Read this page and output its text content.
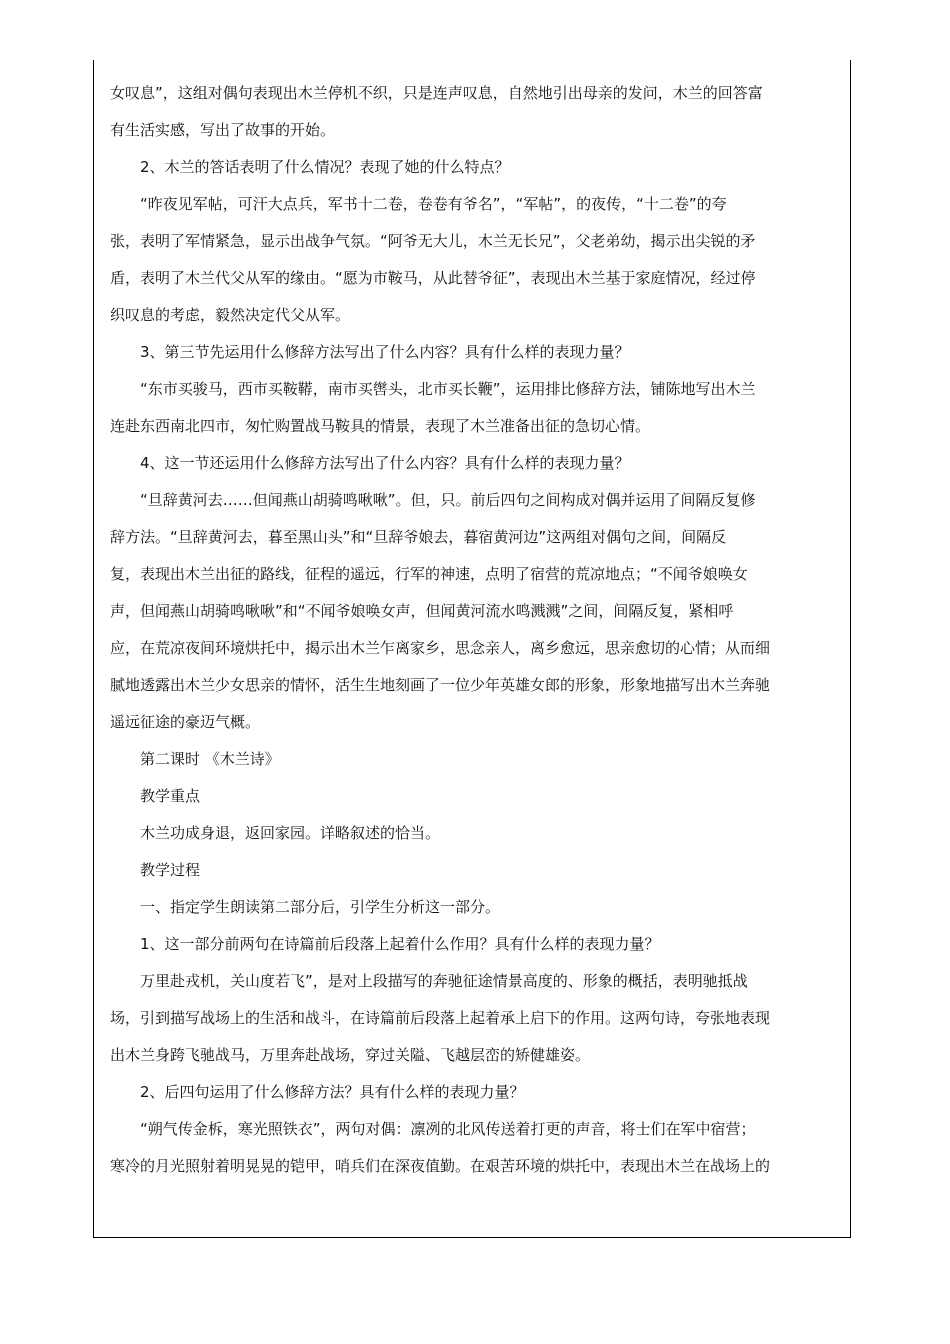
女叹息”，这组对偶句表现出木兰停机不织，只是连声叹息，自然地引出母亲的发问，木兰的回答富
有生活实感，写出了故事的开始。
2、木兰的答话表明了什么情况？表现了她的什么特点？
“昨夜见军帖，可汗大点兵，军书十二卷，卷卷有爷名”，“军帖”，的夜传，“十二卷”的夸
张，表明了军情紧急，显示出战争气氛。“阿爷无大儿，木兰无长兄”，父老弟幼，揭示出尖锐的矛
盾，表明了木兰代父从军的缘由。“愿为市鞍马，从此替爷征”，表现出木兰基于家庭情况，经过停
织叹息的考虑，毅然决定代父从军。
3、第三节先运用什么修辞方法写出了什么内容？具有什么样的表现力量？
“东市买骏马，西市买鞍鞯，南市买辔头，北市买长鞭”，运用排比修辞方法，铺陈地写出木兰
连赴东西南北四市，匆忙购置战马鞍具的情景，表现了木兰准备出征的急切心情。
4、这一节还运用什么修辞方法写出了什么内容？具有什么样的表现力量？
“旦辞黄河去……但闻燕山胡骑鸣啾啾”。但，只。前后四句之间构成对偶并运用了间隔反复修
辞方法。“旦辞黄河去，暮至黑山头”和“旦辞爷娘去，暮宿黄河边”这两组对偶句之间，间隔反
复，表现出木兰出征的路线，征程的遥远，行军的神速，点明了宿营的荒凉地点；“不闻爷娘唤女
声，但闻燕山胡骑鸣啾啾”和“不闻爷娘唤女声，但闻黄河流水鸣溅溅”之间，间隔反复，紧相呼
应，在荒凉夜间环境烘托中，揭示出木兰乍离家乡，思念亲人，离乡愈远，思亲愈切的心情；从而细
腻地透露出木兰少女思亲的情怀，活生生地刻画了一位少年英雄女郎的形象，形象地描写出木兰奔驰
遥远征途的豪迈气概。
第二课时 《木兰诗》
教学重点
木兰功成身退，返回家园。详略叙述的恰当。
教学过程
一、指定学生朗读第二部分后，引学生分析这一部分。
1、这一部分前两句在诗篇前后段落上起着什么作用？具有什么样的表现力量？
万里赴戎机，关山度若飞”，是对上段描写的奔驰征途情景高度的、形象的概括，表明驰抵战
场，引到描写战场上的生活和战斗，在诗篇前后段落上起着承上启下的作用。这两句诗，夸张地表现
出木兰身跨飞驰战马，万里奔赴战场，穿过关隘、飞越层峦的矫健雄姿。
2、后四句运用了什么修辞方法？具有什么样的表现力量？
“朔气传金柝，寒光照铁衣”，两句对偶：凛冽的北风传送着打更的声音，将士们在军中宿营；
寒冷的月光照射着明晃晃的铠甲，哨兵们在深夜值勤。在艰苦环境的烘托中，表现出木兰在战场上的
